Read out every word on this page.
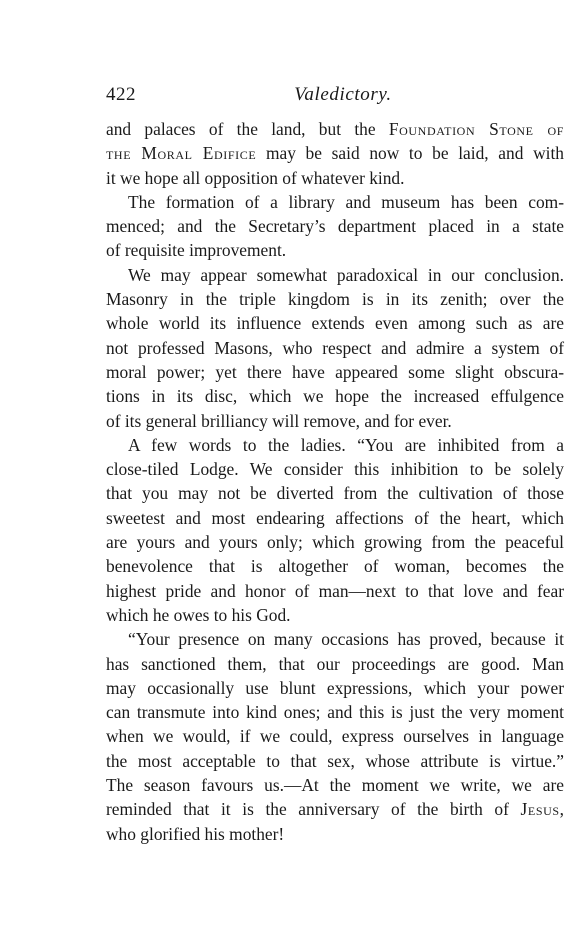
422	Valedictory.
and palaces of the land, but the Foundation Stone of
the Moral Edifice may be said now to be laid, and with
it we hope all opposition of whatever kind.
The formation of a library and museum has been com-
menced; and the Secretary’s department placed in a state
of requisite improvement.
We may appear somewhat paradoxical in our conclusion.
Masonry in the triple kingdom is in its zenith; over the
whole world its influence extends even among such as are
not professed Masons, who respect and admire a system of
moral power; yet there have appeared some slight obscura-
tions in its disc, which we hope the increased effulgence
of its general brilliancy will remove, and for ever.
A few words to the ladies. “You are inhibited from a
close-tiled Lodge. We consider this inhibition to be solely
that you may not be diverted from the cultivation of those
sweetest and most endearing affections of the heart, which
are yours and yours only; which growing from the peaceful
benevolence that is altogether of woman, becomes the
highest pride and honor of man—next to that love and fear
which he owes to his God.
“Your presence on many occasions has proved, because it
has sanctioned them, that our proceedings are good. Man
may occasionally use blunt expressions, which your power
can transmute into kind ones; and this is just the very moment
when we would, if we could, express ourselves in language
the most acceptable to that sex, whose attribute is virtue.”
The season favours us.—At the moment we write, we are
reminded that it is the anniversary of the birth of Jesus,
who glorified his mother!
